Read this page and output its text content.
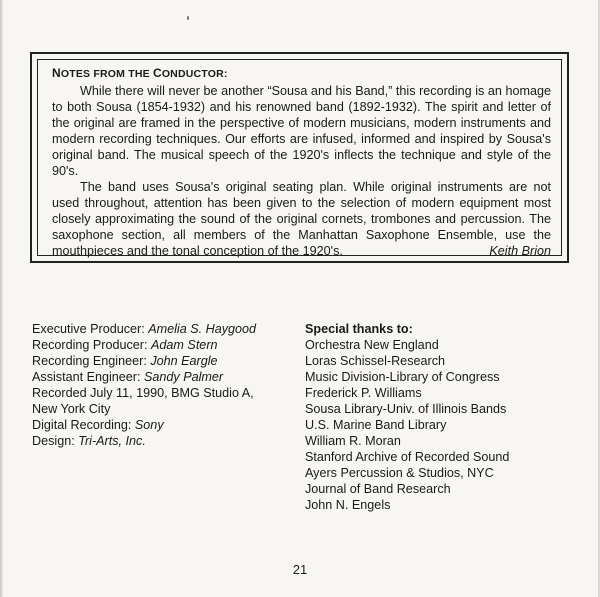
NOTES FROM THE CONDUCTOR:

While there will never be another “Sousa and his Band,” this recording is an homage to both Sousa (1854-1932) and his renowned band (1892-1932). The spirit and letter of the original are framed in the perspective of modern musicians, modern instruments and modern recording techniques. Our efforts are infused, informed and inspired by Sousa's original band. The musical speech of the 1920's inflects the technique and style of the 90's.

The band uses Sousa's original seating plan. While original instruments are not used throughout, attention has been given to the selection of modern equipment most closely approximating the sound of the original cornets, trombones and percussion. The saxophone section, all members of the Manhattan Saxophone Ensemble, use the mouthpieces and the tonal conception of the 1920's.	Keith Brion

Executive Producer: Amelia S. Haygood
Recording Producer: Adam Stern
Recording Engineer: John Eargle
Assistant Engineer: Sandy Palmer
Recorded July 11, 1990, BMG Studio A,
New York City
Digital Recording: Sony
Design: Tri-Arts, Inc.
Special thanks to:
Orchestra New England
Loras Schissel-Research
Music Division-Library of Congress
Frederick P. Williams
Sousa Library-Univ. of Illinois Bands
U.S. Marine Band Library
William R. Moran
Stanford Archive of Recorded Sound
Ayers Percussion & Studios, NYC
Journal of Band Research
John N. Engels
21
